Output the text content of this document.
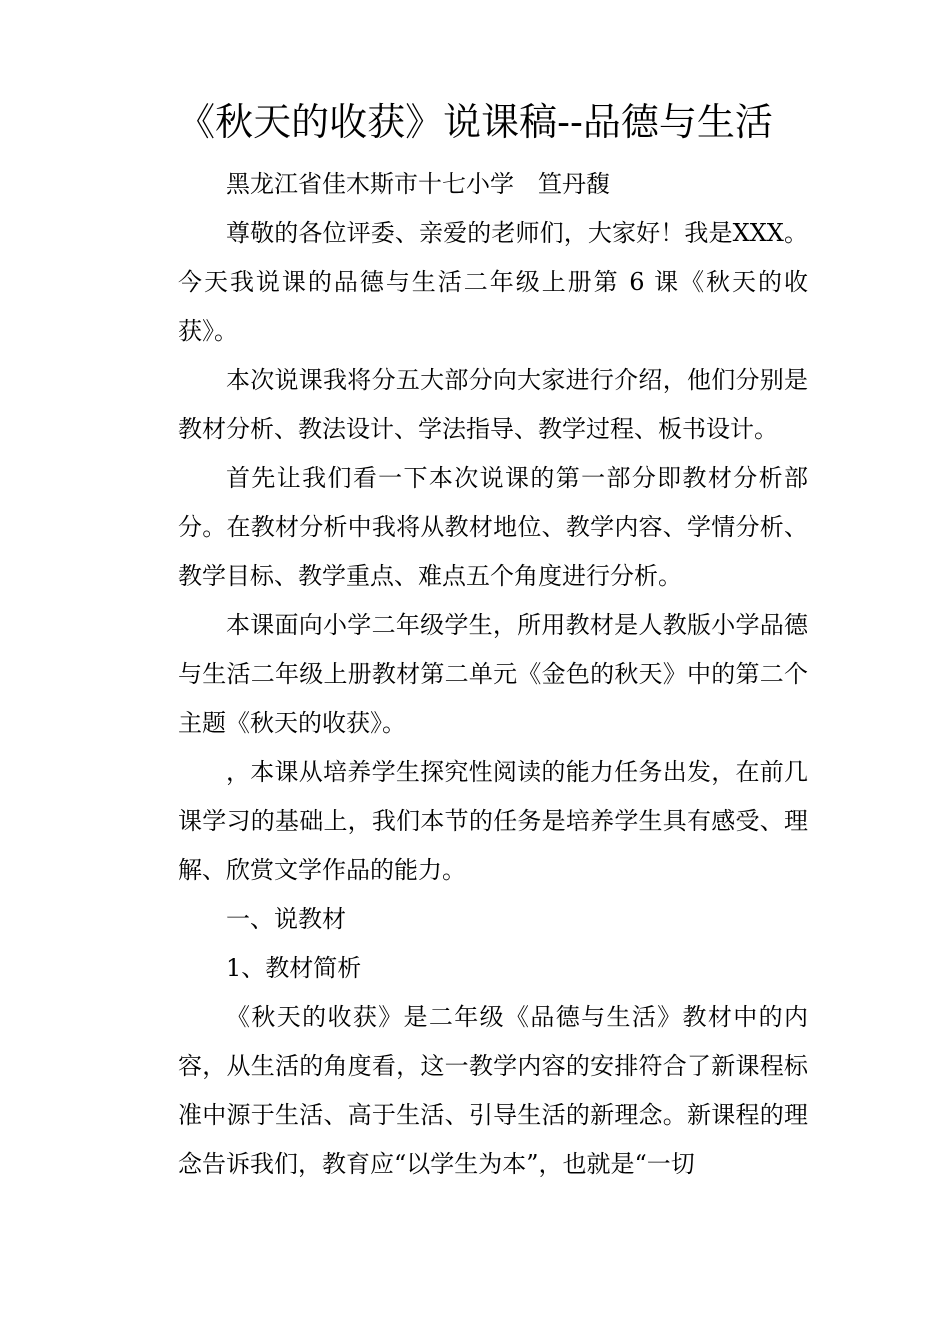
《秋天的收获》说课稿--品德与生活

黑龙江省佳木斯市十七小学　笪丹馥

尊敬的各位评委、亲爱的老师们，大家好！我是XXX。今天我说课的品德与生活二年级上册第 6 课《秋天的收获》。

本次说课我将分五大部分向大家进行介绍，他们分别是教材分析、教法设计、学法指导、教学过程、板书设计。

首先让我们看一下本次说课的第一部分即教材分析部分。在教材分析中我将从教材地位、教学内容、学情分析、教学目标、教学重点、难点五个角度进行分析。

本课面向小学二年级学生，所用教材是人教版小学品德与生活二年级上册教材第二单元《金色的秋天》中的第二个主题《秋天的收获》。

，本课从培养学生探究性阅读的能力任务出发，在前几课学习的基础上，我们本节的任务是培养学生具有感受、理解、欣赏文学作品的能力。

一、说教材

1、教材简析

《秋天的收获》是二年级《品德与生活》教材中的内容，从生活的角度看，这一教学内容的安排符合了新课程标准中源于生活、高于生活、引导生活的新理念。新课程的理念告诉我们，教育应“以学生为本”，也就是“一切
